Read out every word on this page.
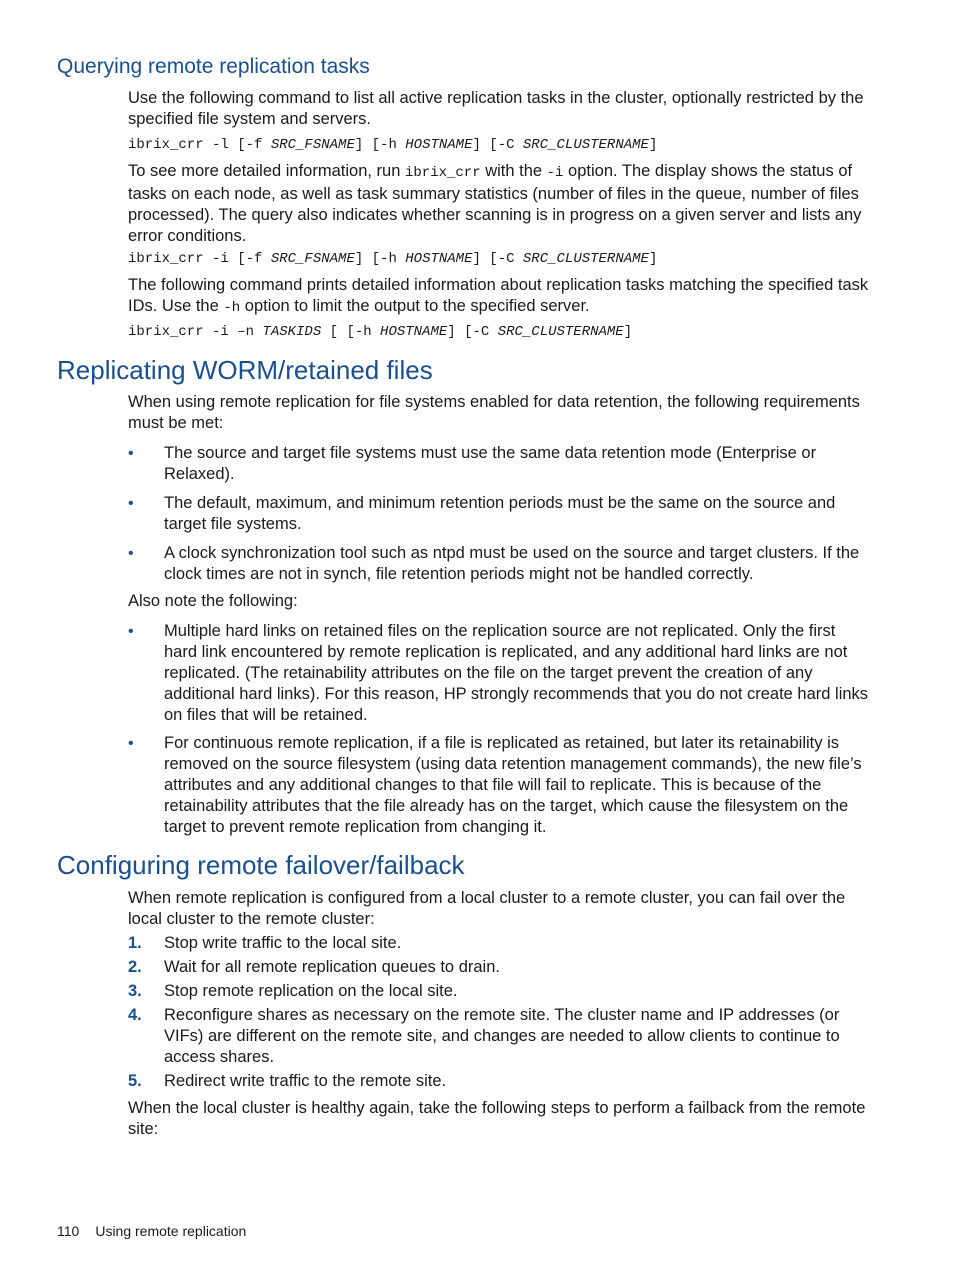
Querying remote replication tasks

Use the following command to list all active replication tasks in the cluster, optionally restricted by the specified file system and servers.

ibrix_crr -l [-f SRC_FSNAME] [-h HOSTNAME] [-C SRC_CLUSTERNAME]

To see more detailed information, run ibrix_crr with the -i option. The display shows the status of tasks on each node, as well as task summary statistics (number of files in the queue, number of files processed). The query also indicates whether scanning is in progress on a given server and lists any error conditions.

ibrix_crr -i [-f SRC_FSNAME] [-h HOSTNAME] [-C SRC_CLUSTERNAME]

The following command prints detailed information about replication tasks matching the specified task IDs. Use the -h option to limit the output to the specified server.

ibrix_crr -i –n TASKIDS [ [-h HOSTNAME] [-C SRC_CLUSTERNAME]
Replicating WORM/retained files

When using remote replication for file systems enabled for data retention, the following requirements must be met:

• The source and target file systems must use the same data retention mode (Enterprise or Relaxed).
• The default, maximum, and minimum retention periods must be the same on the source and target file systems.
• A clock synchronization tool such as ntpd must be used on the source and target clusters. If the clock times are not in synch, file retention periods might not be handled correctly.

Also note the following:

• Multiple hard links on retained files on the replication source are not replicated. Only the first hard link encountered by remote replication is replicated, and any additional hard links are not replicated. (The retainability attributes on the file on the target prevent the creation of any additional hard links). For this reason, HP strongly recommends that you do not create hard links on files that will be retained.
• For continuous remote replication, if a file is replicated as retained, but later its retainability is removed on the source filesystem (using data retention management commands), the new file’s attributes and any additional changes to that file will fail to replicate. This is because of the retainability attributes that the file already has on the target, which cause the filesystem on the target to prevent remote replication from changing it.
Configuring remote failover/failback

When remote replication is configured from a local cluster to a remote cluster, you can fail over the local cluster to the remote cluster:

1. Stop write traffic to the local site.
2. Wait for all remote replication queues to drain.
3. Stop remote replication on the local site.
4. Reconfigure shares as necessary on the remote site. The cluster name and IP addresses (or VIFs) are different on the remote site, and changes are needed to allow clients to continue to access shares.
5. Redirect write traffic to the remote site.

When the local cluster is healthy again, take the following steps to perform a failback from the remote site:

110 Using remote replication
